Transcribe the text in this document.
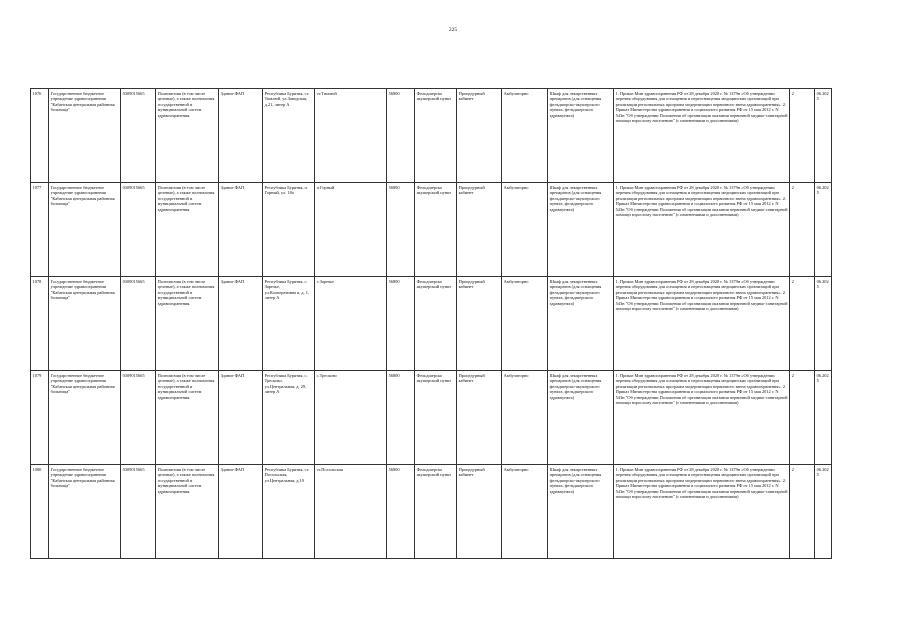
225
1076	Государственное бюджетное учреждение здравоохранения "Кабанская центральная районная больница"	0309015665	Полномочия (в том числе целевые), а также полномочия государственной и муниципальной систем здравоохранения.	Здание ФАП	Республика Бурятия, ст. Тимлюй, ул.Заводская, д.21, литер А	ст.Тимлюй	56800	Фельдшерско акушерский пункт	Процедурный кабинет	Амбулаторно	Шкаф для лекарственных препаратов (для оснащения фельдшерско-акушерского пункта, фельдшерского здравпункта)	1. Приказ Мин здравоохранения РФ от 28 декабря 2020 г. № 1379н «Об утверждении перечня оборудования для оснащения и переоснащения медицинских организаций при реализации региональных программ модернизации первичного звена здравоохранения». 2. Приказ Министерства здравоохранения и социального развития РФ от 15 мая 2012 г. N 543н "Об утверждении Положения об организации оказания первичной медико-санитарной помощи взрослому населению" (с изменениями и дополнениями)	2	06.2025

1077	Государственное бюджетное учреждение здравоохранения "Кабанская центральная районная больница"	0309015665	Полномочия (в том числе целевые), а также полномочия государственной и муниципальной систем здравоохранения.	Здание ФАП	Республика Бурятия, п. Горный, ул. 18а	п.Горный	56800	Фельдшерско акушерский пункт	Процедурный кабинет	Амбулаторно	Шкаф для лекарственных препаратов (для оснащения фельдшерско-акушерского пункта, фельдшерского здравпункта)	1. Приказ Мин здравоохранения РФ от 28 декабря 2020 г. № 1379н «Об утверждении перечня оборудования для оснащения и переоснащения медицинских организаций при реализации региональных программ модернизации первичного звена здравоохранения». 2. Приказ Министерства здравоохранения и социального развития РФ от 15 мая 2012 г. N 543н "Об утверждении Положения об организации оказания первичной медико-санитарной помощи взрослому населению" (с изменениями и дополнениями)	2	06.2025

1078	Государственное бюджетное учреждение здравоохранения "Кабанская центральная районная больница"	0309015665	Полномочия (в том числе целевые), а также полномочия государственной и муниципальной систем здравоохранения.	Здание ФАП	Республика Бурятия, с. Заречье, ул.Кооперативна я, д. 1, литер А	с.Заречье	56800	Фельдшерско акушерский пункт	Процедурный кабинет	Амбулаторно	Шкаф для лекарственных препаратов (для оснащения фельдшерско-акушерского пункта, фельдшерского здравпункта)	1. Приказ Мин здравоохранения РФ от 28 декабря 2020 г. № 1379н «Об утверждении перечня оборудования для оснащения и переоснащения медицинских организаций при реализации региональных программ модернизации первичного звена здравоохранения». 2. Приказ Министерства здравоохранения и социального развития РФ от 15 мая 2012 г. N 543н "Об утверждении Положения об организации оказания первичной медико-санитарной помощи взрослому населению" (с изменениями и дополнениями)	2	06.2025

1079	Государственное бюджетное учреждение здравоохранения "Кабанская центральная районная больница"	0309015665	Полномочия (в том числе целевые), а также полномочия государственной и муниципальной систем здравоохранения.	Здание ФАП	Республика Бурятия, с. Тресково, ул.Центральная, д. 29, литер А	с.Тресково	56800	Фельдшерско акушерский пункт	Процедурный кабинет	Амбулаторно	Шкаф для лекарственных препаратов (для оснащения фельдшерско-акушерского пункта, фельдшерского здравпункта)	1. Приказ Мин здравоохранения РФ от 28 декабря 2020 г. № 1379н «Об утверждении перечня оборудования для оснащения и переоснащения медицинских организаций при реализации региональных программ модернизации первичного звена здравоохранения». 2. Приказ Министерства здравоохранения и социального развития РФ от 15 мая 2012 г. N 543н "Об утверждении Положения об организации оказания первичной медико-санитарной помощи взрослому населению" (с изменениями и дополнениями)	2	06.2025

1080	Государственное бюджетное учреждение здравоохранения "Кабанская центральная районная больница"	0309015665	Полномочия (в том числе целевые), а также полномочия государственной и муниципальной систем здравоохранения.	Здание ФАП	Республика Бурятия, ст. Посольская, ул.Центральная, д.10	ст.Посольская	56800	Фельдшерско акушерский пункт	Процедурный кабинет	Амбулаторно	Шкаф для лекарственных препаратов (для оснащения фельдшерско-акушерского пункта, фельдшерского здравпункта)	1. Приказ Мин здравоохранения РФ от 28 декабря 2020 г. № 1379н «Об утверждении перечня оборудования для оснащения и переоснащения медицинских организаций при реализации региональных программ модернизации первичного звена здравоохранения». 2. Приказ Министерства здравоохранения и социального развития РФ от 15 мая 2012 г. N 543н "Об утверждении Положения об организации оказания первичной медико-санитарной помощи взрослому населению" (с изменениями и дополнениями)	2	06.2025
